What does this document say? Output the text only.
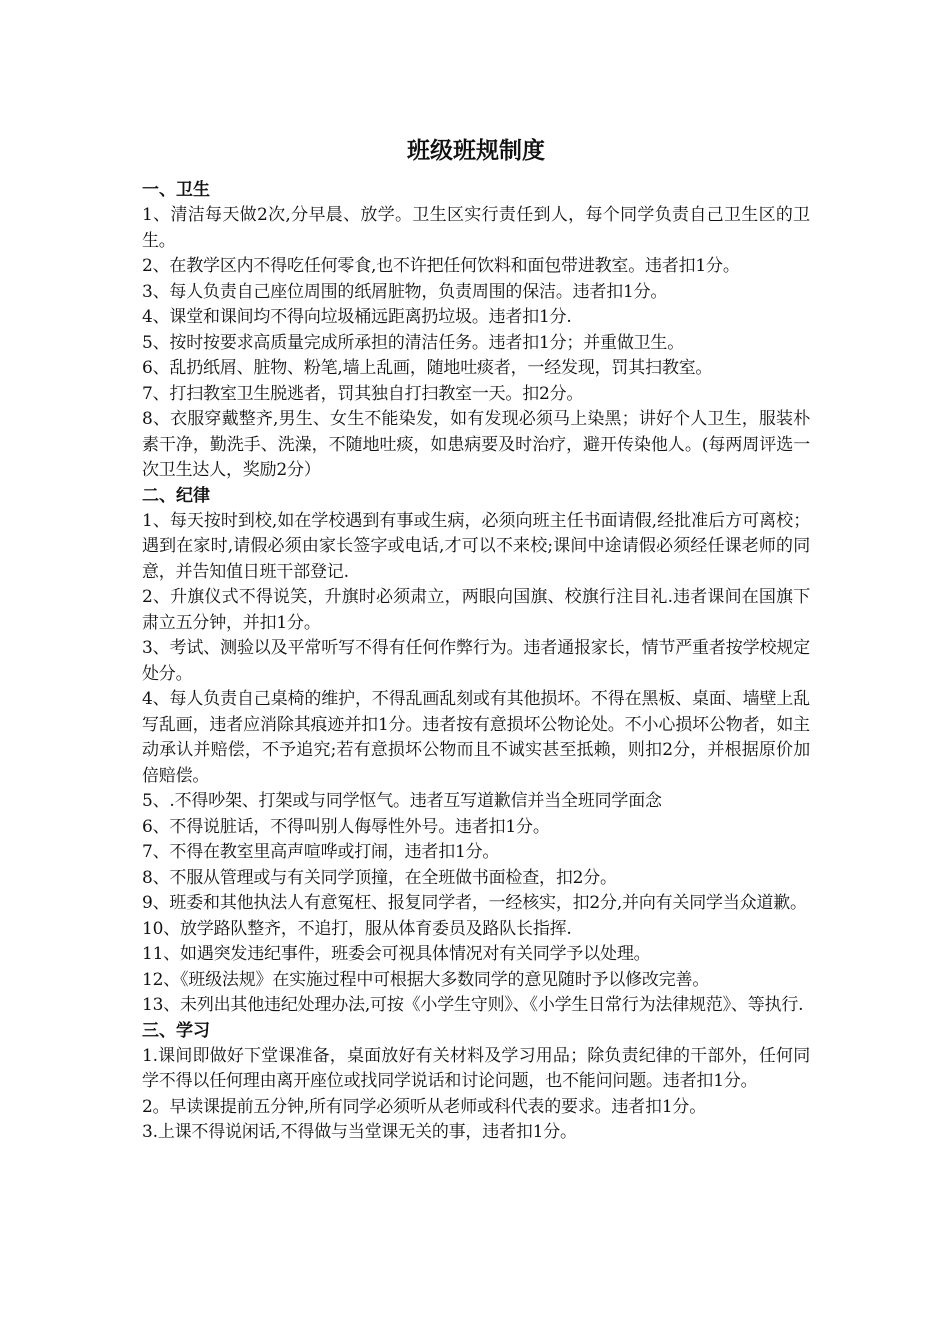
班级班规制度
一、卫生

1、清洁每天做2次,分早晨、放学。卫生区实行责任到人，每个同学负责自己卫生区的卫生。

2、在教学区内不得吃任何零食,也不许把任何饮料和面包带进教室。违者扣1分。

3、每人负责自己座位周围的纸屑脏物，负责周围的保洁。违者扣1分。

4、课堂和课间均不得向垃圾桶远距离扔垃圾。违者扣1分.

5、按时按要求高质量完成所承担的清洁任务。违者扣1分；并重做卫生。

6、乱扔纸屑、脏物、粉笔,墙上乱画，随地吐痰者，一经发现，罚其扫教室。

7、打扫教室卫生脱逃者，罚其独自打扫教室一天。扣2分。

8、衣服穿戴整齐,男生、女生不能染发，如有发现必须马上染黑；讲好个人卫生，服装朴素干净，勤洗手、洗澡，不随地吐痰，如患病要及时治疗，避开传染他人。(每两周评选一次卫生达人，奖励2分）

二、纪律

1、每天按时到校,如在学校遇到有事或生病，必须向班主任书面请假,经批准后方可离校；遇到在家时,请假必须由家长签字或电话,才可以不来校;课间中途请假必须经任课老师的同意，并告知值日班干部登记.

2、升旗仪式不得说笑，升旗时必须肃立，两眼向国旗、校旗行注目礼.违者课间在国旗下肃立五分钟，并扣1分。

3、考试、测验以及平常听写不得有任何作弊行为。违者通报家长，情节严重者按学校规定处分。

4、每人负责自己桌椅的维护，不得乱画乱刻或有其他损坏。不得在黑板、桌面、墙壁上乱写乱画，违者应消除其痕迹并扣1分。违者按有意损坏公物论处。不小心损坏公物者，如主动承认并赔偿，不予追究;若有意损坏公物而且不诚实甚至抵赖，则扣2分，并根据原价加倍赔偿。

5、.不得吵架、打架或与同学怄气。违者互写道歉信并当全班同学面念

6、不得说脏话，不得叫别人侮辱性外号。违者扣1分。

7、不得在教室里高声喧哗或打闹，违者扣1分。

8、不服从管理或与有关同学顶撞，在全班做书面检查，扣2分。

9、班委和其他执法人有意冤枉、报复同学者，一经核实，扣2分,并向有关同学当众道歉。

10、放学路队整齐，不追打，服从体育委员及路队长指挥.

11、如遇突发违纪事件，班委会可视具体情况对有关同学予以处理。

12、《班级法规》在实施过程中可根据大多数同学的意见随时予以修改完善。

13、未列出其他违纪处理办法,可按《小学生守则》、《小学生日常行为法律规范》、等执行.

三、学习

1.课间即做好下堂课准备，桌面放好有关材料及学习用品；除负责纪律的干部外，任何同学不得以任何理由离开座位或找同学说话和讨论问题，也不能问问题。违者扣1分。

2。早读课提前五分钟,所有同学必须听从老师或科代表的要求。违者扣1分。

3.上课不得说闲话,不得做与当堂课无关的事，违者扣1分。
